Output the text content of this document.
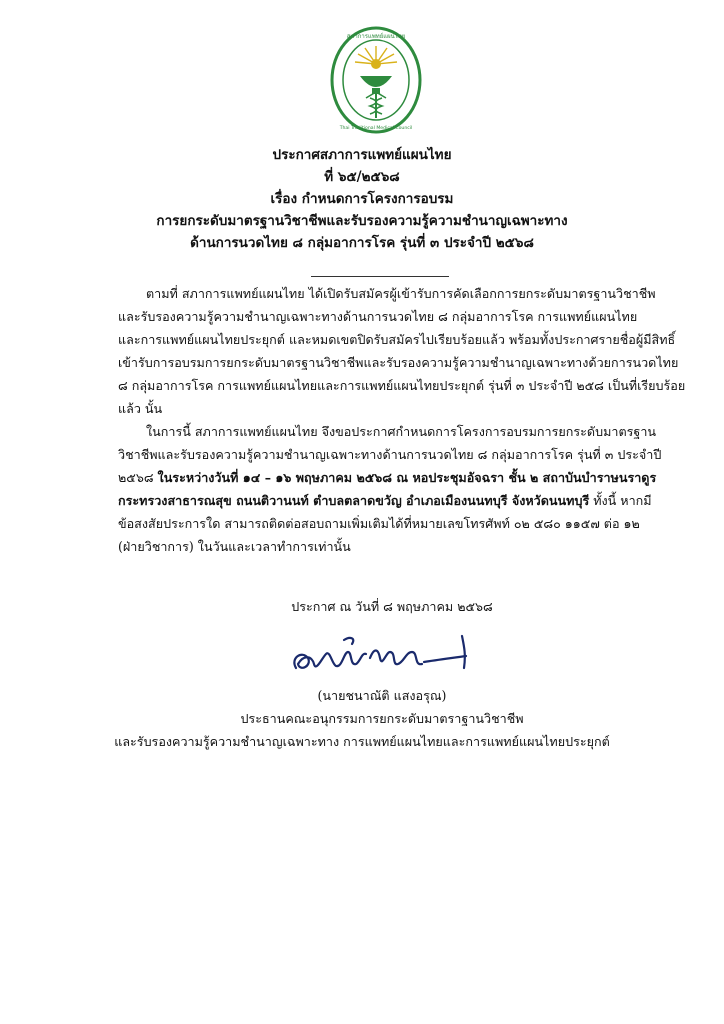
สภาการแพทย์แผนไทย
Thai Traditional Medical Council
ประกาศสภาการแพทย์แผนไทย
ที่ ๖๕/๒๕๖๘
เรื่อง กำหนดการโครงการอบรม
การยกระดับมาตรฐานวิชาชีพและรับรองความรู้ความชำนาญเฉพาะทาง
ด้านการนวดไทย ๘ กลุ่มอาการโรค รุ่นที่ ๓ ประจำปี ๒๕๖๘
ตามที่ สภาการแพทย์แผนไทย ได้เปิดรับสมัครผู้เข้ารับการคัดเลือกการยกระดับมาตรฐานวิชาชีพ
และรับรองความรู้ความชำนาญเฉพาะทางด้านการนวดไทย ๘ กลุ่มอาการโรค การแพทย์แผนไทย
และการแพทย์แผนไทยประยุกต์ และหมดเขตปิดรับสมัครไปเรียบร้อยแล้ว พร้อมทั้งประกาศรายชื่อผู้มีสิทธิ์
เข้ารับการอบรมการยกระดับมาตรฐานวิชาชีพและรับรองความรู้ความชำนาญเฉพาะทางด้วยการนวดไทย
๘ กลุ่มอาการโรค การแพทย์แผนไทยและการแพทย์แผนไทยประยุกต์ รุ่นที่ ๓ ประจำปี ๒๕๘ เป็นที่เรียบร้อย
แล้ว นั้น
ในการนี้ สภาการแพทย์แผนไทย จึงขอประกาศกำหนดการโครงการอบรมการยกระดับมาตรฐาน
วิชาชีพและรับรองความรู้ความชำนาญเฉพาะทางด้านการนวดไทย ๘ กลุ่มอาการโรค รุ่นที่ ๓ ประจำปี
๒๕๖๘ ในระหว่างวันที่ ๑๔ – ๑๖ พฤษภาคม ๒๕๖๘ ณ หอประชุมอัจฉรา ชั้น ๒ สถาบันบำราษนราดูร
กระทรวงสาธารณสุข ถนนติวานนท์ ตำบลตลาดขวัญ อำเภอเมืองนนทบุรี จังหวัดนนทบุรี ทั้งนี้ หากมี
ข้อสงสัยประการใด สามารถติดต่อสอบถามเพิ่มเติมได้ที่หมายเลขโทรศัพท์ ๐๒ ๕๘๐ ๑๑๕๗ ต่อ ๑๒
(ฝ่ายวิชาการ) ในวันและเวลาทำการเท่านั้น
ประกาศ ณ วันที่ ๘ พฤษภาคม ๒๕๖๘
(นายชนาณัติ แสงอรุณ)
ประธานคณะอนุกรรมการยกระดับมาตราฐานวิชาชีพ
และรับรองความรู้ความชำนาญเฉพาะทาง การแพทย์แผนไทยและการแพทย์แผนไทยประยุกต์
